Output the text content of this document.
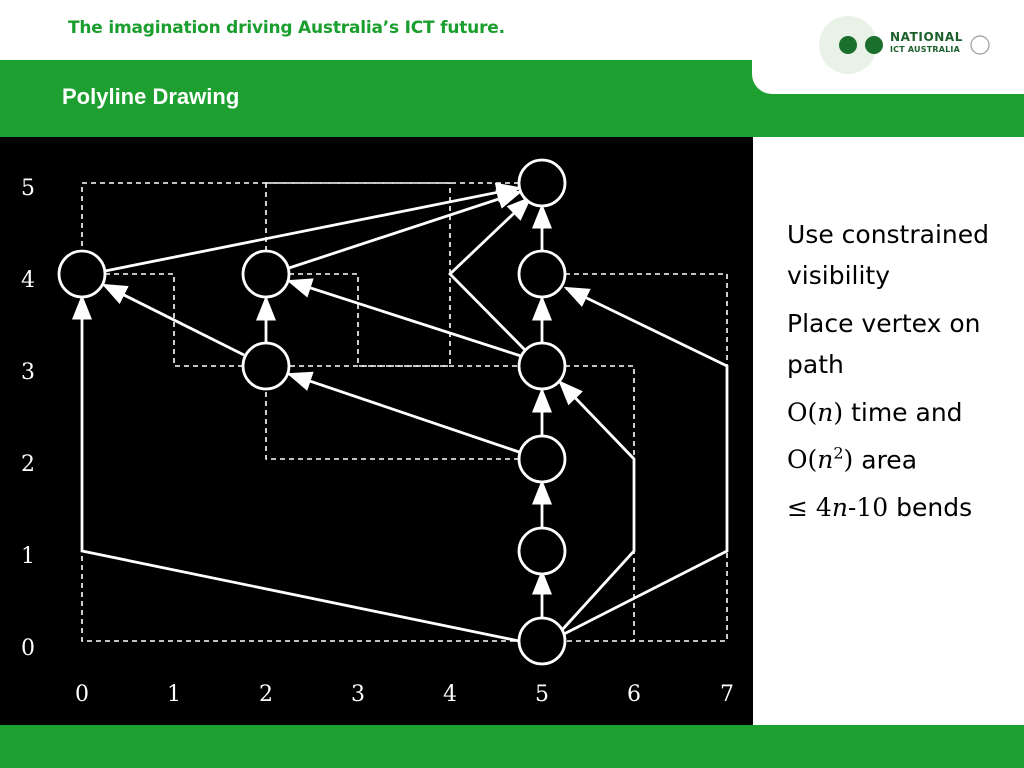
The imagination driving Australia’s ICT future.
Polyline Drawing
NATIONAL
ICT AUSTRALIA
0
1
2
3
4
5
0	1	2	3	4	5	6	7
Use constrained visibility
Place vertex on path
O(n) time and
$O(n^2)$ area
≤ 4n-10 bends
